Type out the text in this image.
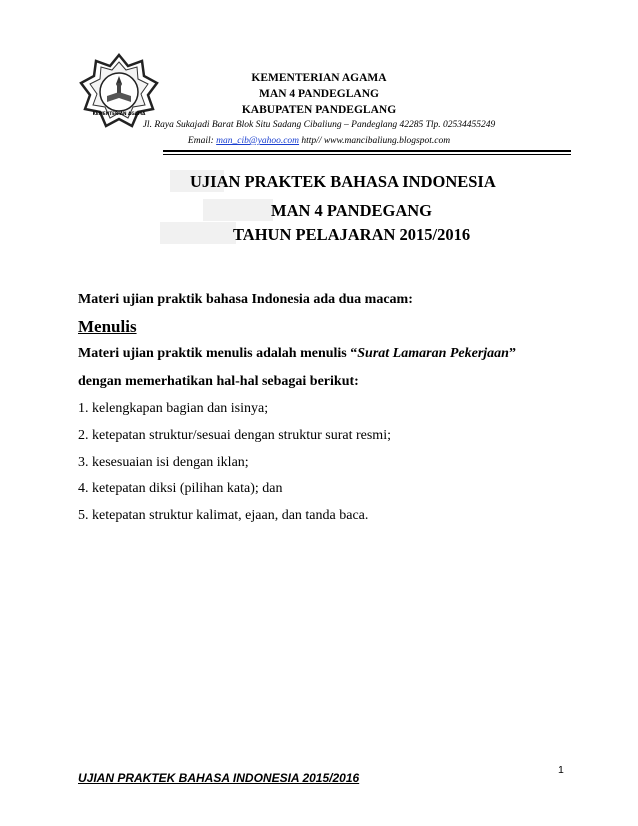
KEMENTERIAN AGAMA
KEMENTERIAN AGAMA
MAN 4 PANDEGLANG
KABUPATEN PANDEGLANG
Jl. Raya Sukajadi Barat Blok Situ Sadang Cibaliung – Pandeglang 42285 Tlp. 02534455249
Email: man_cib@yahoo.com http// www.mancibaliung.blogspot.com
UJIAN PRAKTEK BAHASA INDONESIA
MAN 4 PANDEGANG
TAHUN PELAJARAN 2015/2016
Materi ujian praktik bahasa Indonesia ada dua macam:
Menulis
Materi ujian praktik menulis adalah menulis “Surat Lamaran Pekerjaan”
dengan memerhatikan hal-hal sebagai berikut:
1. kelengkapan bagian dan isinya;
2. ketepatan struktur/sesuai dengan struktur surat resmi;
3. kesesuaian isi dengan iklan;
4. ketepatan diksi (pilihan kata); dan
5. ketepatan struktur kalimat, ejaan, dan tanda baca.
1
UJIAN PRAKTEK BAHASA INDONESIA 2015/2016
